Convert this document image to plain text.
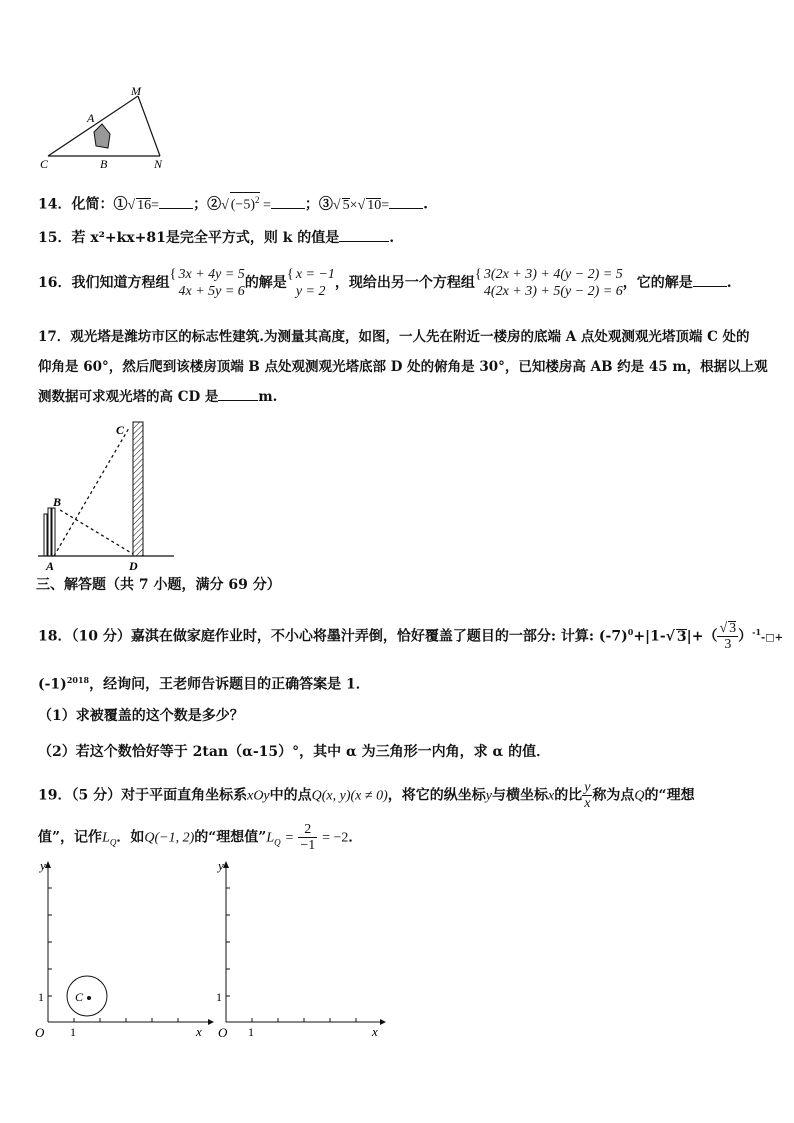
M
A
C	B	N
14．化简：①√ 16= ；②√ $(-5)^2$ = ；③√ 5×√ 10= .
15．若 x²+kx+81是完全平方式，则 k 的值是	.
16．我们知道方程组
{ 3x + 4y = 5
4x + 5y = 6
的解是
{ x = −1
y = 2
，现给出另一个方程组
{ 3(2x + 3) + 4(y − 2) = 5
4(2x + 3) + 5(y − 2) = 6
，它的解是 .
17．观光塔是潍坊市区的标志性建筑.为测量其高度，如图，一人先在附近一楼房的底端 A 点处观测观光塔顶端 C 处的
仰角是 60°，然后爬到该楼房顶端 B 点处观测观光塔底部 D 处的俯角是 30°，已知楼房高 AB 约是 45 m，根据以上观
测数据可求观光塔的高 CD 是	m.
C
B
A	D
三、解答题（共 7 小题，满分 69 分）
18．（10 分）嘉淇在做家庭作业时，不小心将墨汁弄倒，恰好覆盖了题目的一部分: 计算: $(-7)^0+|1-√$ $3|+( \frac{√ 3}{3}$ ）$^{-1}-□+$
$(-1)^{2018}$，经询问，王老师告诉题目的正确答案是 1．
（1）求被覆盖的这个数是多少？
（2）若这个数恰好等于 2tan（α-15）°，其中 α 为三角形一内角，求 α 的值．
19．（5 分）对于平面直角坐标系xOy中的点Q(x, y)(x ≠ 0)，将它的纵坐标y与横坐标x的比 $\frac{y}{x}$ 称为点Q的“理想
值”，记作$L_Q$．如Q(−1, 2)的“理想值$”L_Q = \frac{2}{-1} = -2$．
C
y
x
O
1
1
y
x
O
1
1
